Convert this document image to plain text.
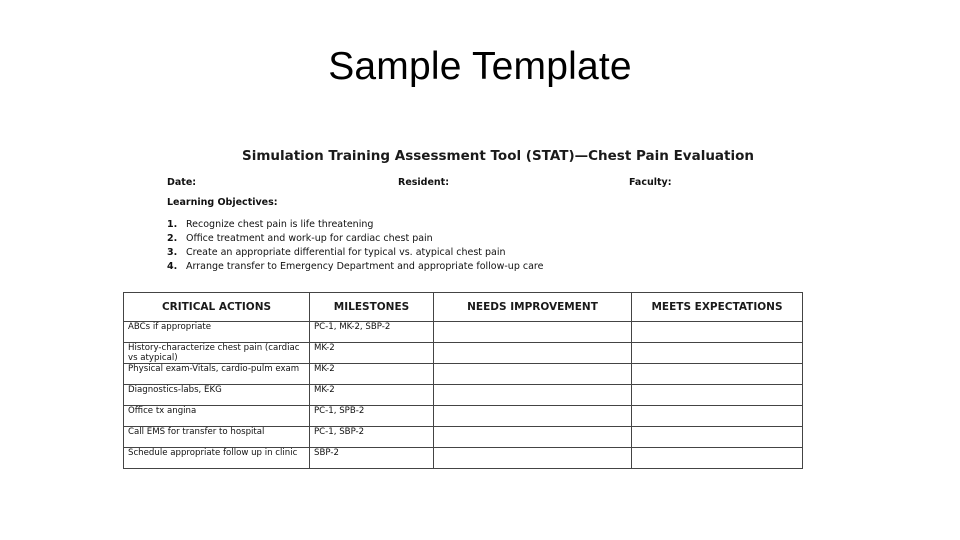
Sample Template
Simulation Training Assessment Tool (STAT)—Chest Pain Evaluation
Date:	Resident:	Faculty:
Learning Objectives:
1. Recognize chest pain is life threatening
2. Office treatment and work-up for cardiac chest pain
3. Create an appropriate differential for typical vs. atypical chest pain
4. Arrange transfer to Emergency Department and appropriate follow-up care
CRITICAL ACTIONS	MILESTONES	NEEDS IMPROVEMENT	MEETS EXPECTATIONS
ABCs if appropriate	PC-1, MK-2, SBP-2		
History-characterize chest pain (cardiac vs atypical)	MK-2		
Physical exam-Vitals, cardio-pulm exam	MK-2		
Diagnostics-labs, EKG	MK-2		
Office tx angina	PC-1, SPB-2		
Call EMS for transfer to hospital	PC-1, SBP-2		
Schedule appropriate follow up in clinic	SBP-2		
